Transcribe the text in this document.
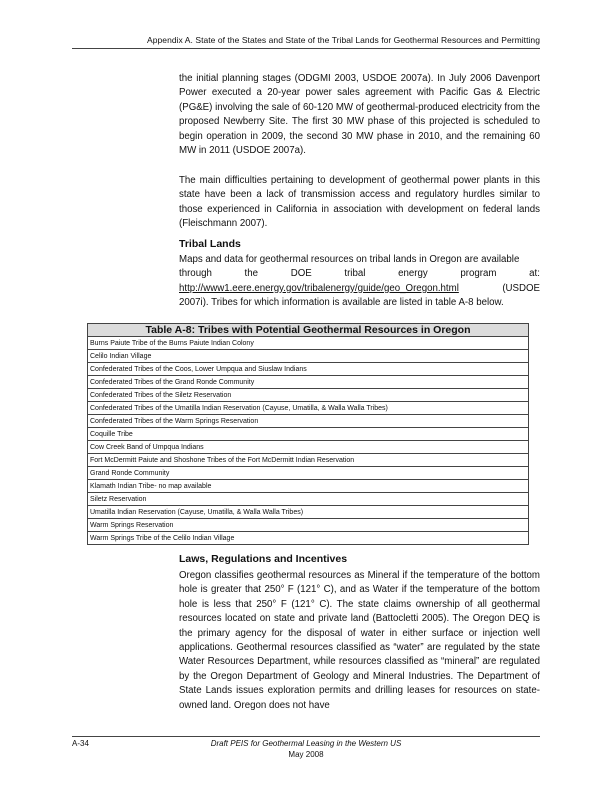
Appendix A. State of the States and State of the Tribal Lands for Geothermal Resources and Permitting
the initial planning stages (ODGMI 2003, USDOE 2007a). In July 2006 Davenport Power executed a 20-year power sales agreement with Pacific Gas & Electric (PG&E) involving the sale of 60-120 MW of geothermal-produced electricity from the proposed Newberry Site. The first 30 MW phase of this projected is scheduled to begin operation in 2009, the second 30 MW phase in 2010, and the remaining 60 MW in 2011 (USDOE 2007a).
The main difficulties pertaining to development of geothermal power plants in this state have been a lack of transmission access and regulatory hurdles similar to those experienced in California in association with development on federal lands (Fleischmann 2007).
Tribal Lands
Maps and data for geothermal resources on tribal lands in Oregon are available
through	the	DOE	tribal	energy	program	at:
http://www1.eere.energy.gov/tribalenergy/guide/geo_Oregon.html	(USDOE
2007i). Tribes for which information is available are listed in table A-8 below.
Table A-8: Tribes with Potential Geothermal Resources in Oregon
Burns Paiute Tribe of the Burns Paiute Indian Colony
Celilo Indian Village
Confederated Tribes of the Coos, Lower Umpqua and Siuslaw Indians
Confederated Tribes of the Grand Ronde Community
Confederated Tribes of the Siletz Reservation
Confederated Tribes of the Umatilla Indian Reservation (Cayuse, Umatilla, & Walla Walla Tribes)
Confederated Tribes of the Warm Springs Reservation
Coquille Tribe
Cow Creek Band of Umpqua Indians
Fort McDermitt Paiute and Shoshone Tribes of the Fort McDermitt Indian Reservation
Grand Ronde Community
Klamath Indian Tribe- no map available
Siletz Reservation
Umatilla Indian Reservation (Cayuse, Umatilla, & Walla Walla Tribes)
Warm Springs Reservation
Warm Springs Tribe of the Celilo Indian Village
Laws, Regulations and Incentives
Oregon classifies geothermal resources as Mineral if the temperature of the bottom hole is greater that 250° F (121° C), and as Water if the temperature of the bottom hole is less that 250° F (121° C). The state claims ownership of all geothermal resources located on state and private land (Battocletti 2005). The Oregon DEQ is the primary agency for the disposal of water in either surface or injection well applications. Geothermal resources classified as “water” are regulated by the state Water Resources Department, while resources classified as “mineral” are regulated by the Oregon Department of Geology and Mineral Industries. The Department of State Lands issues exploration permits and drilling leases for resources on state-owned land. Oregon does not have
A-34	Draft PEIS for Geothermal Leasing in the Western US
May 2008
